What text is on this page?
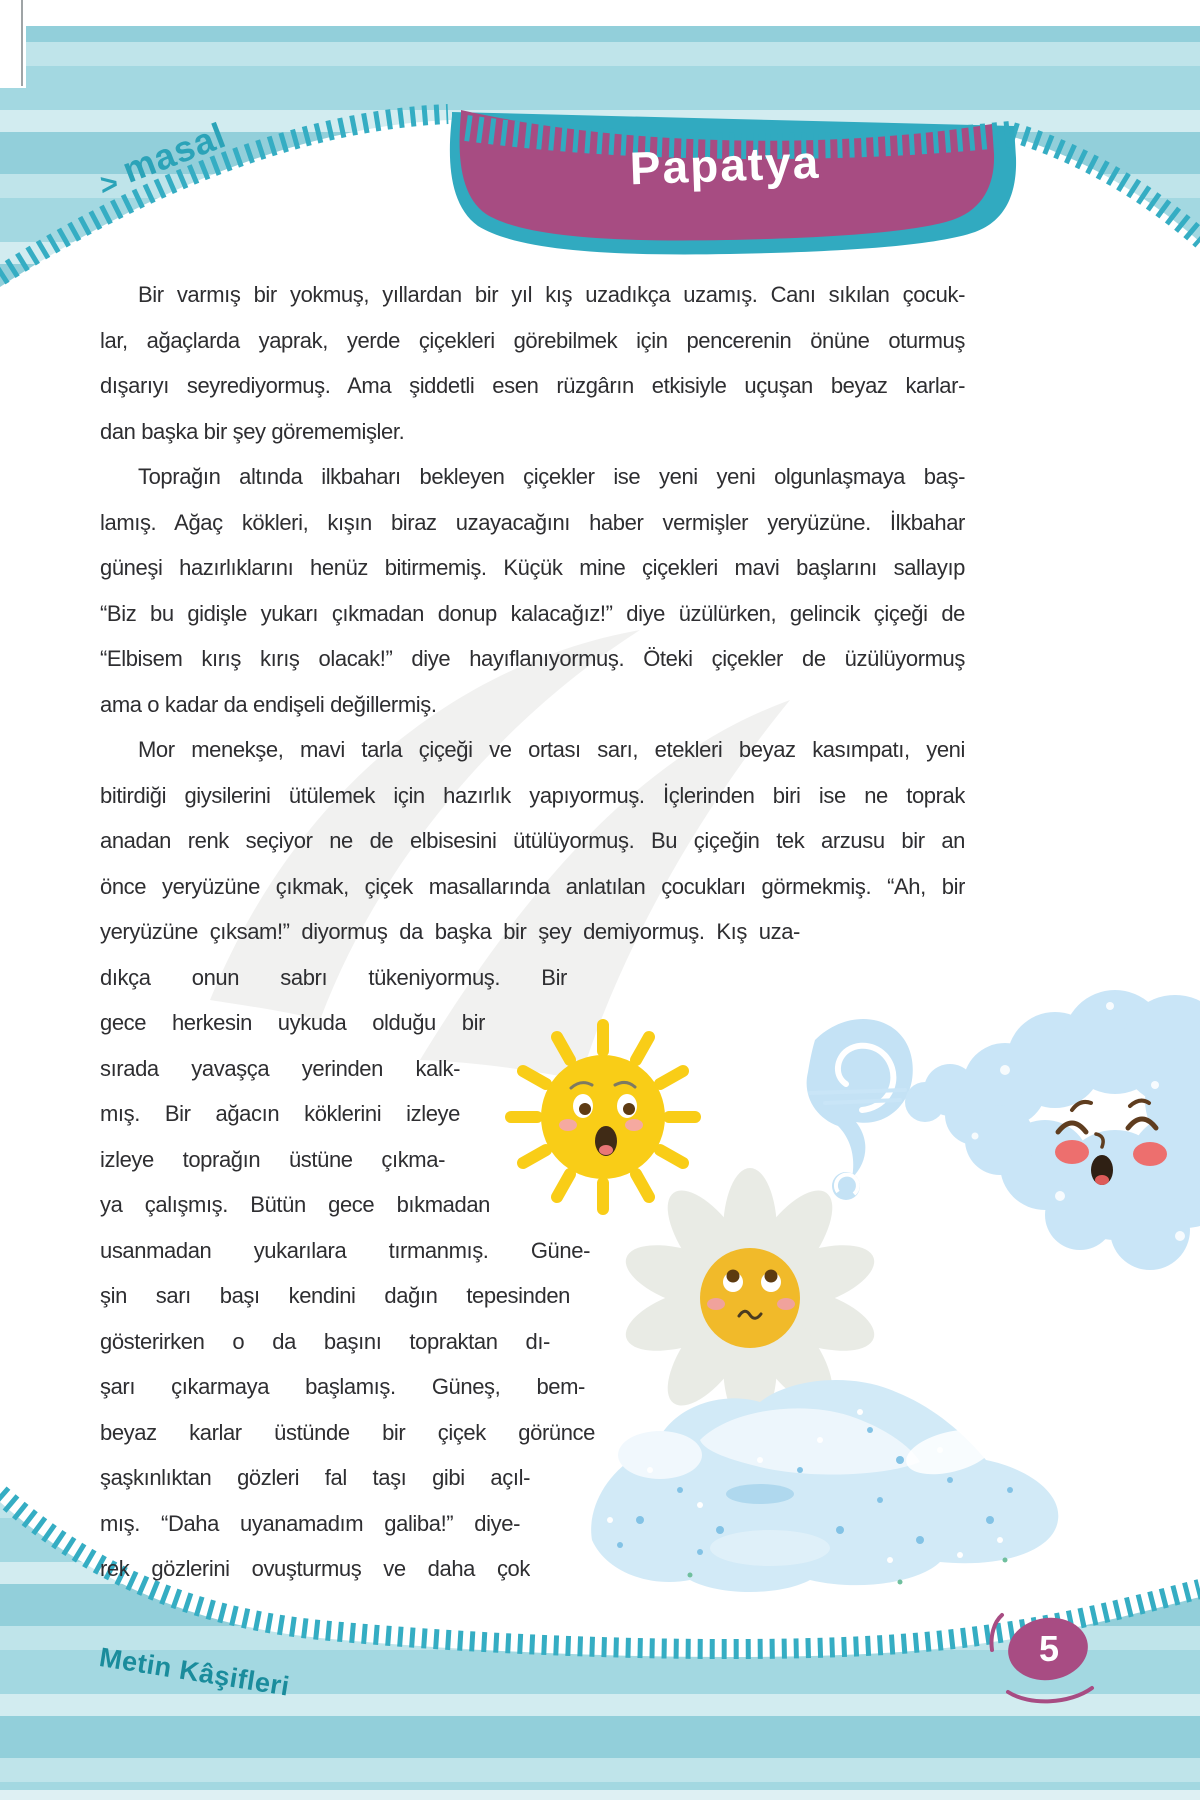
>masal	Papatya
Bir varmış bir yokmuş, yıllardan bir yıl kış uzadıkça uzamış. Canı sıkılan çocuk-
lar, ağaçlarda yaprak, yerde çiçekleri görebilmek için pencerenin önüne oturmuş
dışarıyı seyrediyormuş. Ama şiddetli esen rüzgârın etkisiyle uçuşan beyaz karlar-
dan başka bir şey görememişler.
Toprağın altında ilkbaharı bekleyen çiçekler ise yeni yeni olgunlaşmaya baş-
lamış. Ağaç kökleri, kışın biraz uzayacağını haber vermişler yeryüzüne. İlkbahar
güneşi hazırlıklarını henüz bitirmemiş. Küçük mine çiçekleri mavi başlarını sallayıp
“Biz bu gidişle yukarı çıkmadan donup kalacağız!” diye üzülürken, gelincik çiçeği de
“Elbisem kırış kırış olacak!” diye hayıflanıyormuş. Öteki çiçekler de üzülüyormuş
ama o kadar da endişeli değillermiş.
Mor menekşe, mavi tarla çiçeği ve ortası sarı, etekleri beyaz kasımpatı, yeni
bitirdiği giysilerini ütülemek için hazırlık yapıyormuş. İçlerinden biri ise ne toprak
anadan renk seçiyor ne de elbisesini ütülüyormuş. Bu çiçeğin tek arzusu bir an
önce yeryüzüne çıkmak, çiçek masallarında anlatılan çocukları görmekmiş. “Ah, bir
yeryüzüne çıksam!” diyormuş da başka bir şey demiyormuş. Kış uza-
dıkça onun sabrı tükeniyormuş. Bir
gece herkesin uykuda olduğu bir
sırada yavaşça yerinden kalk-
mış. Bir ağacın köklerini izleye
izleye toprağın üstüne çıkma-
ya çalışmış. Bütün gece bıkmadan
usanmadan yukarılara tırmanmış. Güne-
şin sarı başı kendini dağın tepesinden
gösterirken o da başını topraktan dı-
şarı çıkarmaya başlamış. Güneş, bem-
beyaz karlar üstünde bir çiçek görünce
şaşkınlıktan gözleri fal taşı gibi açıl-
mış. “Daha uyanamadım galiba!” diye-
rek gözlerini ovuşturmuş ve daha çok
Metin Kâşifleri	5
